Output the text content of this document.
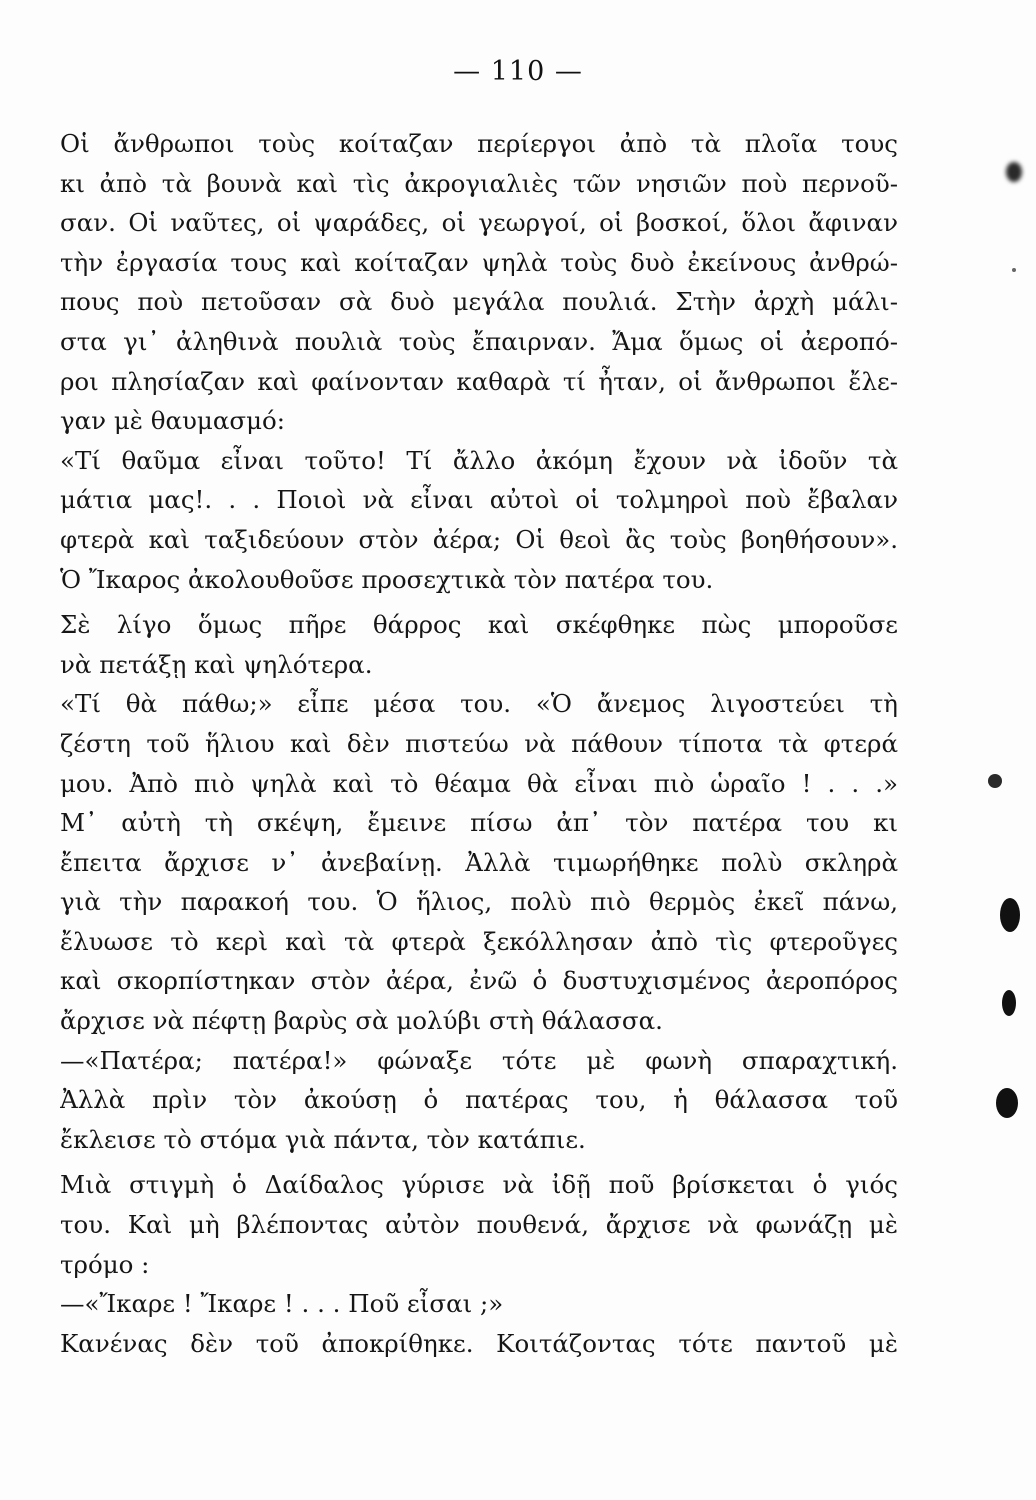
— 110 —
Οἱ ἄνθρωποι τοὺς κοίταζαν περίεργοι ἀπὸ τὰ πλοῖα τους
κι ἀπὸ τὰ βουνὰ καὶ τὶς ἀκρογιαλιὲς τῶν νησιῶν ποὺ περνοῦ-
σαν. Οἱ ναῦτες, οἱ ψαράδες, οἱ γεωργοί, οἱ βοσκοί, ὅλοι ἄφιναν
τὴν ἐργασία τους καὶ κοίταζαν ψηλὰ τοὺς δυὸ ἐκείνους ἀνθρώ-
πους ποὺ πετοῦσαν σὰ δυὸ μεγάλα πουλιά. Στὴν ἀρχὴ μάλι-
στα γι᾿ ἀληθινὰ πουλιὰ τοὺς ἔπαιρναν. Ἄμα ὅμως οἱ ἀεροπό-
ροι πλησίαζαν καὶ φαίνονταν καθαρὰ τί ἦταν, οἱ ἄνθρωποι ἔλε-
γαν μὲ θαυμασμό:
«Τί θαῦμα εἶναι τοῦτο! Τί ἄλλο ἀκόμη ἔχουν νὰ ἰδοῦν τὰ
μάτια μας!. . . Ποιοὶ νὰ εἶναι αὐτοὶ οἱ τολμηροὶ ποὺ ἔβαλαν
φτερὰ καὶ ταξιδεύουν στὸν ἀέρα; Οἱ θεοὶ ἂς τοὺς βοηθήσουν».
Ὁ Ἴκαρος ἀκολουθοῦσε προσεχτικὰ τὸν πατέρα του.
Σὲ λίγο ὅμως πῆρε θάρρος καὶ σκέφθηκε πὼς μποροῦσε
νὰ πετάξῃ καὶ ψηλότερα.
«Τί θὰ πάθω;» εἶπε μέσα του. «Ὁ ἄνεμος λιγοστεύει τὴ
ζέστη τοῦ ἥλιου καὶ δὲν πιστεύω νὰ πάθουν τίποτα τὰ φτερά
μου. Ἀπὸ πιὸ ψηλὰ καὶ τὸ θέαμα θὰ εἶναι πιὸ ὡραῖο ! . . .»
Μ᾿ αὐτὴ τὴ σκέψη, ἔμεινε πίσω ἀπ᾿ τὸν πατέρα του κι
ἔπειτα ἄρχισε ν᾿ ἀνεβαίνῃ. Ἀλλὰ τιμωρήθηκε πολὺ σκληρὰ
γιὰ τὴν παρακοή του. Ὁ ἥλιος, πολὺ πιὸ θερμὸς ἐκεῖ πάνω,
ἔλυωσε τὸ κερὶ καὶ τὰ φτερὰ ξεκόλλησαν ἀπὸ τὶς φτεροῦγες
καὶ σκορπίστηκαν στὸν ἀέρα, ἐνῶ ὁ δυστυχισμένος ἀεροπόρος
ἄρχισε νὰ πέφτῃ βαρὺς σὰ μολύβι στὴ θάλασσα.
—«Πατέρα; πατέρα!» φώναξε τότε μὲ φωνὴ σπαραχτική.
Ἀλλὰ πρὶν τὸν ἀκούσῃ ὁ πατέρας του, ἡ θάλασσα τοῦ
ἔκλεισε τὸ στόμα γιὰ πάντα, τὸν κατάπιε.
Μιὰ στιγμὴ ὁ Δαίδαλος γύρισε νὰ ἰδῇ ποῦ βρίσκεται ὁ γιός
του. Καὶ μὴ βλέποντας αὐτὸν πουθενά, ἄρχισε νὰ φωνάζῃ μὲ
τρόμο :
—«Ἴκαρε ! Ἴκαρε ! . . . Ποῦ εἶσαι ;»
Κανένας δὲν τοῦ ἀποκρίθηκε. Κοιτάζοντας τότε παντοῦ μὲ
